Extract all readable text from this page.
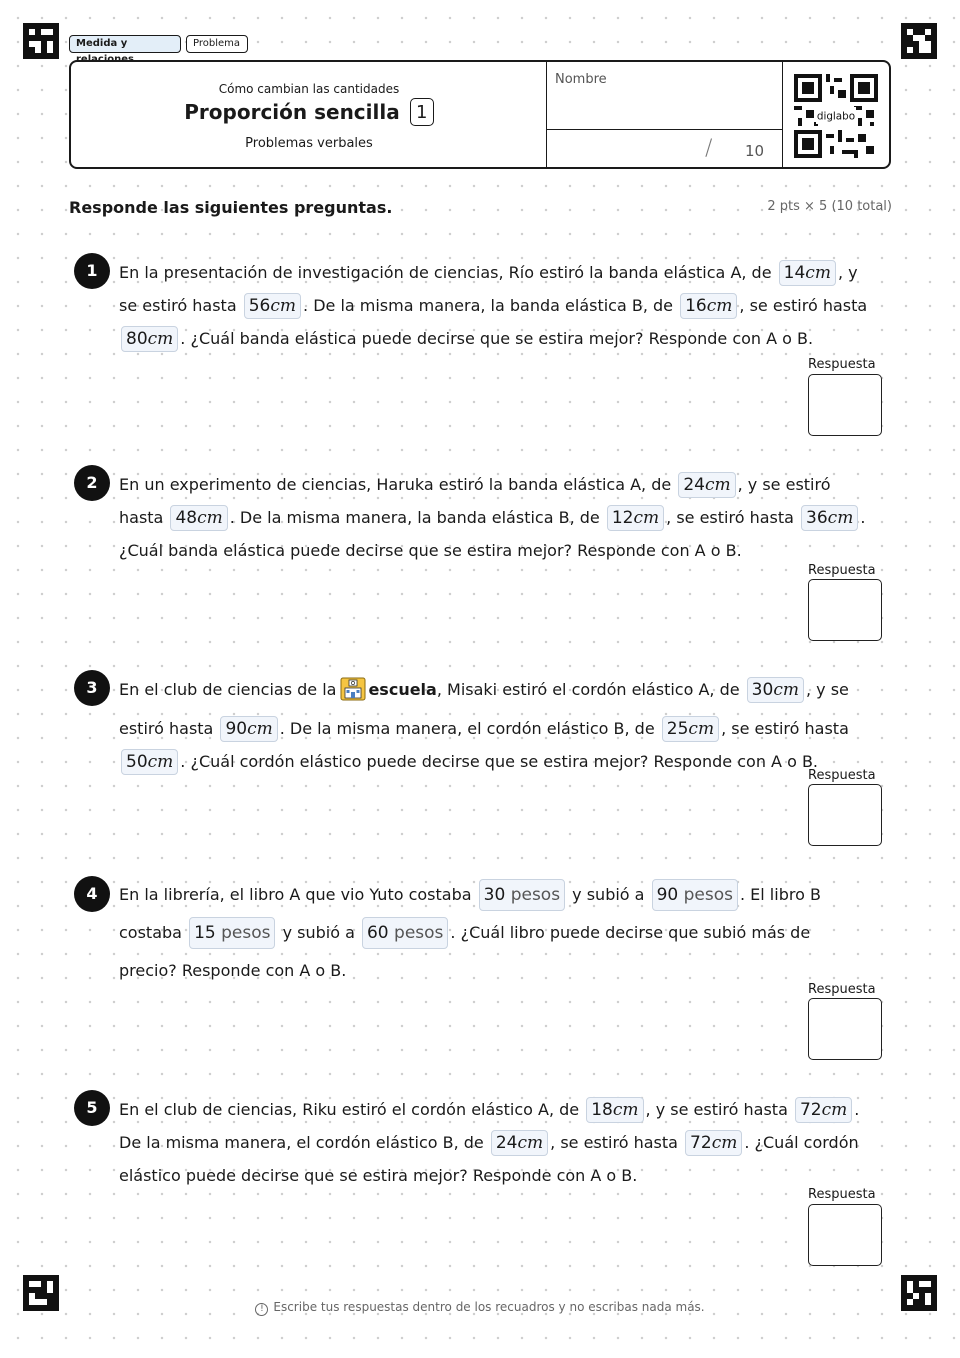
Medida y	Problema
Cómo cambian las cantidades
Proporción sencilla 1
Problemas verbales
Nombre
/ 10
diglabo
Responde las siguientes preguntas.	2 pts × 5 (10 total)
1	En la presentación de investigación de ciencias, Río estiró la banda elástica A, de 14cm , y se estiró hasta 56cm . De la misma manera, la banda elástica B, de 16cm , se estiró hasta 80cm . ¿Cuál banda elástica puede decirse que se estira mejor? Responde con A o B.
Respuesta
2	En un experimento de ciencias, Haruka estiró la banda elástica A, de 24cm , y se estiró hasta 48cm . De la misma manera, la banda elástica B, de 12cm , se estiró hasta 36cm . ¿Cuál banda elástica puede decirse que se estira mejor? Responde con A o B.
Respuesta
3	En el club de ciencias de la escuela, Misaki estiró el cordón elástico A, de 30cm , y se estiró hasta 90cm . De la misma manera, el cordón elástico B, de 25cm , se estiró hasta 50cm . ¿Cuál cordón elástico puede decirse que se estira mejor? Responde con A o B.
Respuesta
4	En la librería, el libro A que vio Yuto costaba 30 pesos y subió a 90 pesos . El libro B costaba 15 pesos y subió a 60 pesos . ¿Cuál libro puede decirse que subió más de precio? Responde con A o B.
Respuesta
5	En el club de ciencias, Riku estiró el cordón elástico A, de 18cm , y se estiró hasta 72cm . De la misma manera, el cordón elástico B, de 24cm , se estiró hasta 72cm . ¿Cuál cordón elástico puede decirse que se estira mejor? Responde con A o B.
Respuesta
! Escribe tus respuestas dentro de los recuadros y no escribas nada más.
